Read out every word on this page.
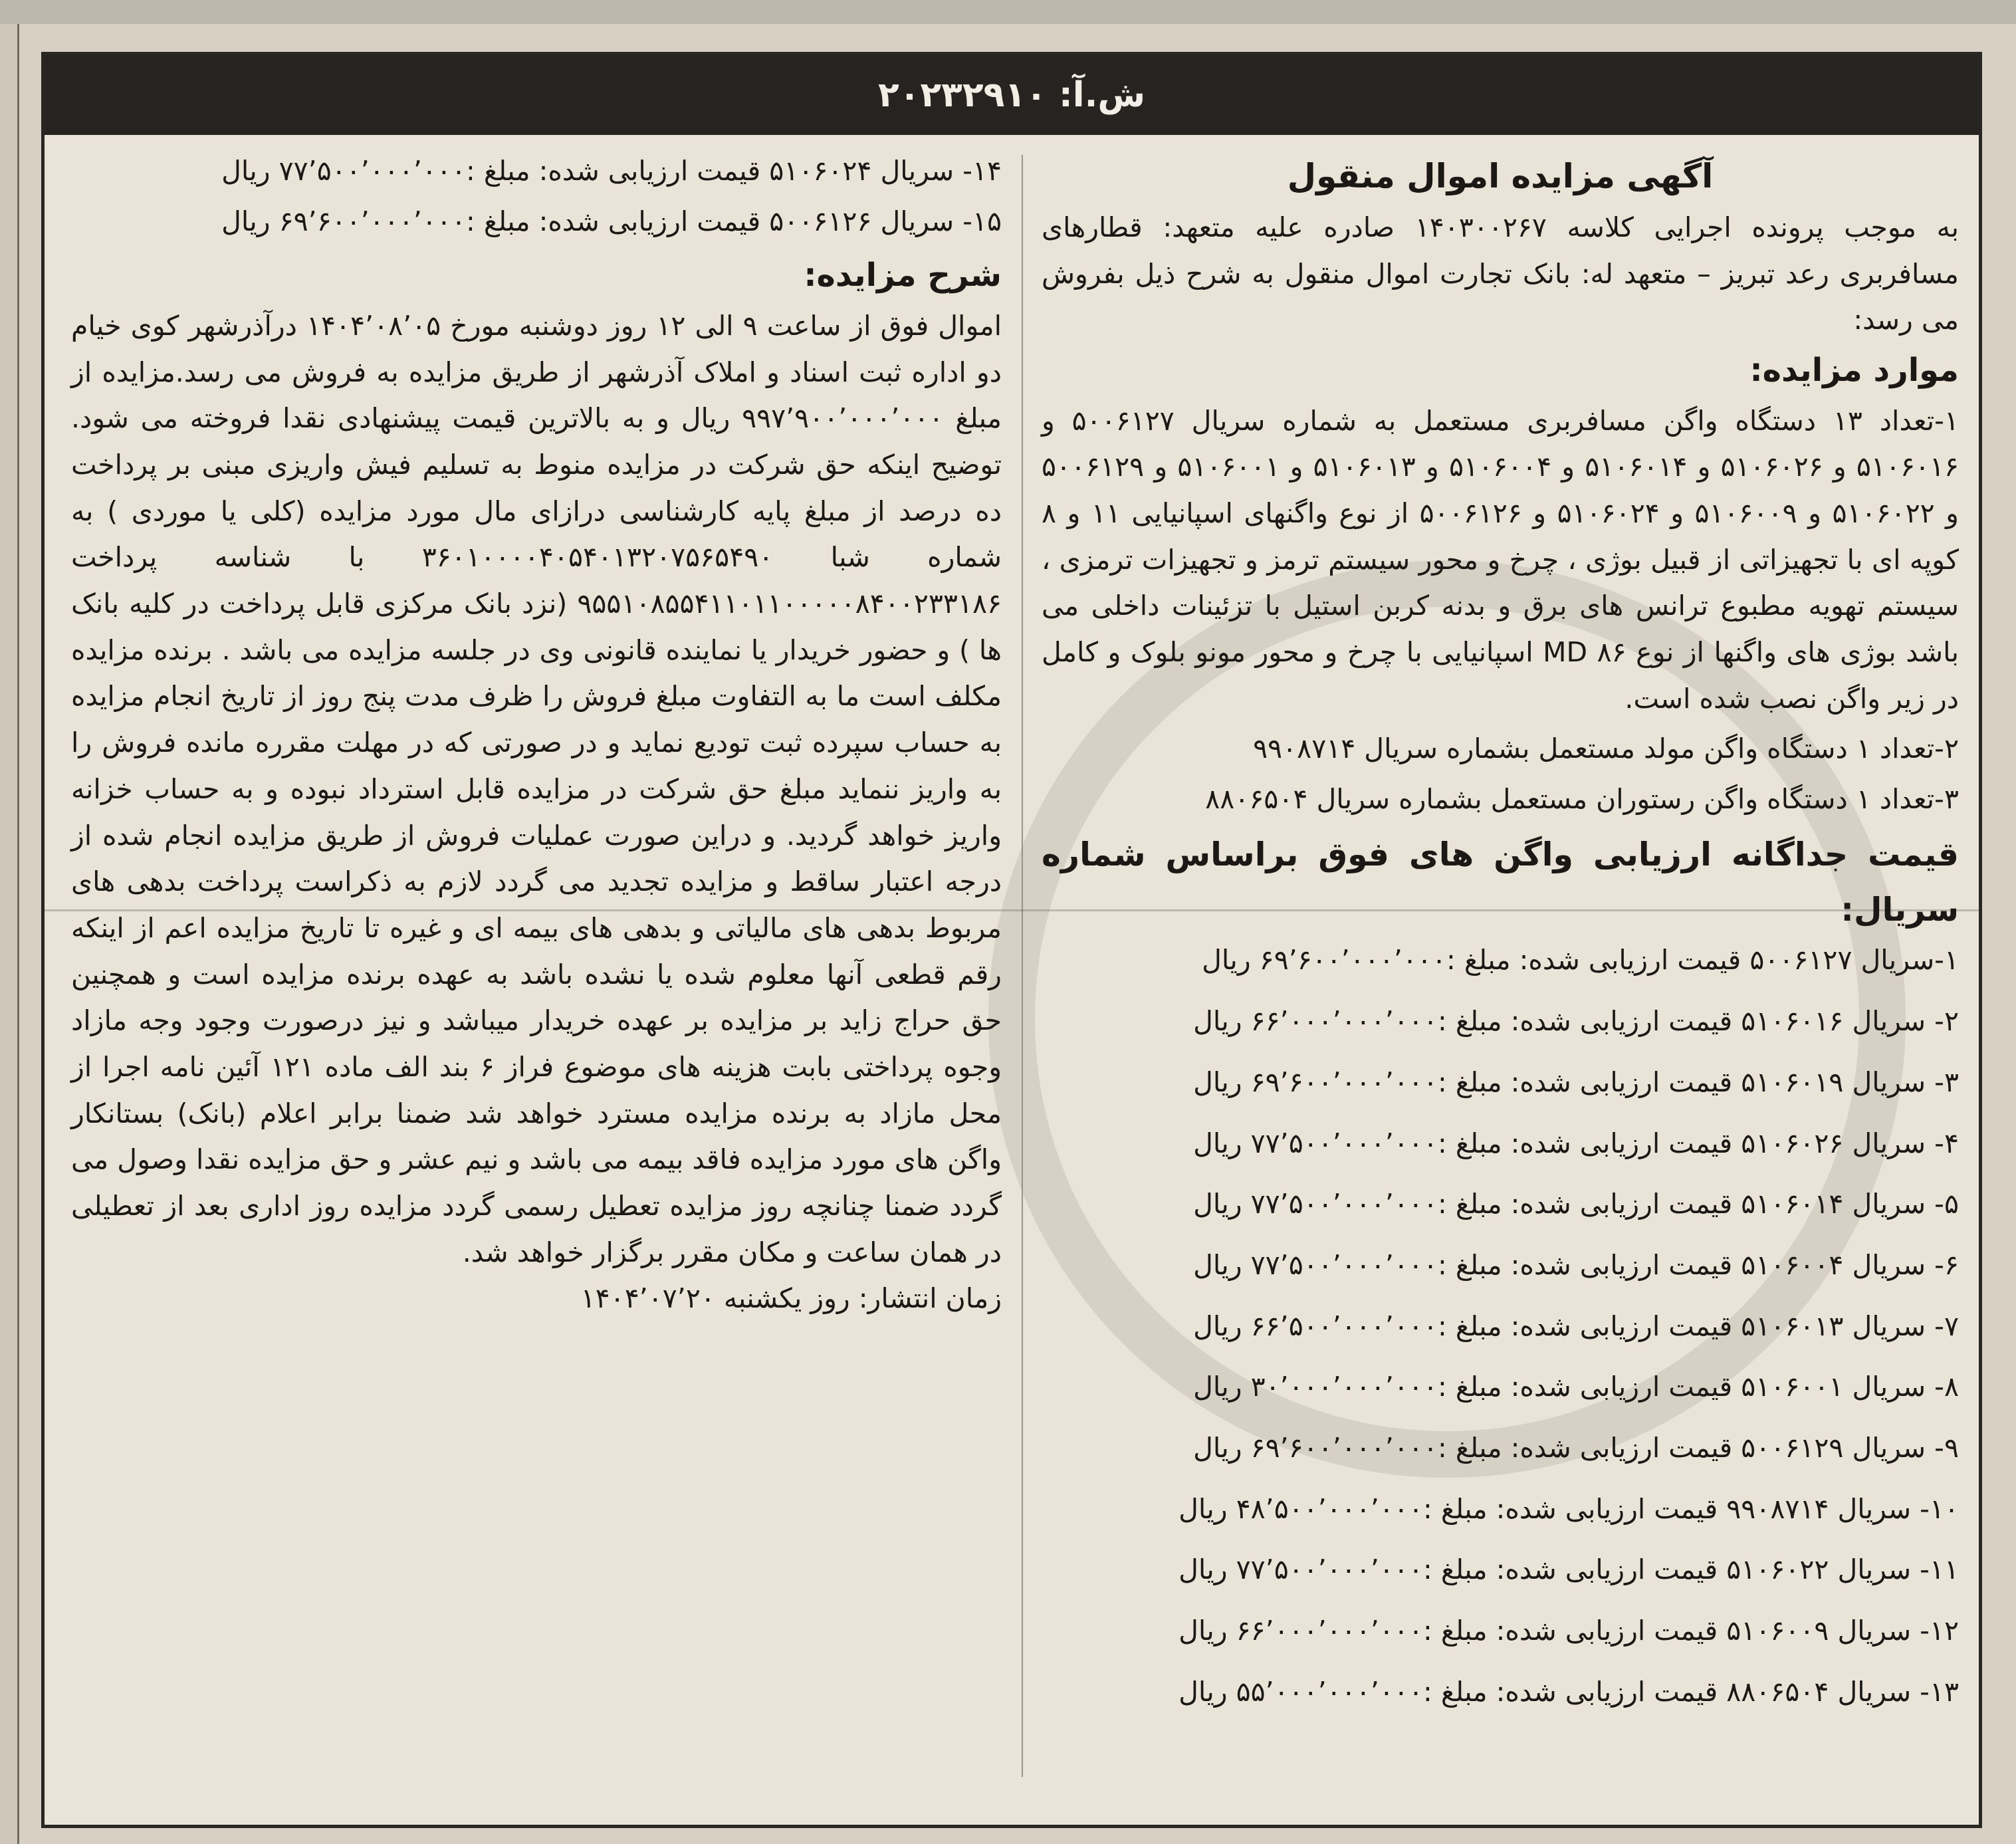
ش.آ: ۲۰۲۳۲۹۱۰

آگهی مزایده اموال منقول

به موجب پرونده اجرایی کلاسه ۱۴۰۳۰۰۲۶۷ صادره علیه متعهد: قطارهای مسافربری رعد تبریز – متعهد له: بانک تجارت اموال منقول به شرح ذیل بفروش می رسد:

موارد مزایده:

۱-تعداد ۱۳ دستگاه واگن مسافربری مستعمل به شماره سریال ۵۰۰۶۱۲۷ و ۵۱۰۶۰۱۶ و ۵۱۰۶۰۲۶ و ۵۱۰۶۰۱۴ و ۵۱۰۶۰۰۴ و ۵۱۰۶۰۱۳ و ۵۱۰۶۰۰۱ و ۵۰۰۶۱۲۹ و ۵۱۰۶۰۲۲ و ۵۱۰۶۰۰۹ و ۵۱۰۶۰۲۴ و ۵۰۰۶۱۲۶ از نوع واگنهای اسپانیایی ۱۱ و ۸ کوپه ای با تجهیزاتی از قبیل بوژی ، چرخ و محور سیستم ترمز و تجهیزات ترمزی ، سیستم تهویه مطبوع ترانس های برق و بدنه کربن استیل با تزئینات داخلی می باشد بوژی های واگنها از نوع MD ۸۶ اسپانیایی با چرخ و محور مونو بلوک و کامل در زیر واگن نصب شده است.
۲-تعداد ۱ دستگاه واگن مولد مستعمل بشماره سریال ۹۹۰۸۷۱۴
۳-تعداد ۱ دستگاه واگن رستوران مستعمل بشماره سریال ۸۸۰۶۵۰۴

قیمت جداگانه ارزیابی واگن های فوق براساس شماره سریال:

۱-سریال ۵۰۰۶۱۲۷ قیمت ارزیابی شده: مبلغ :۶۹٬۶۰۰٬۰۰۰٬۰۰۰ ریال
۲- سریال ۵۱۰۶۰۱۶ قیمت ارزیابی شده: مبلغ :۶۶٬۰۰۰٬۰۰۰٬۰۰۰ ریال
۳- سریال ۵۱۰۶۰۱۹ قیمت ارزیابی شده: مبلغ :۶۹٬۶۰۰٬۰۰۰٬۰۰۰ ریال
۴- سریال ۵۱۰۶۰۲۶ قیمت ارزیابی شده: مبلغ :۷۷٬۵۰۰٬۰۰۰٬۰۰۰ ریال
۵- سریال ۵۱۰۶۰۱۴ قیمت ارزیابی شده: مبلغ :۷۷٬۵۰۰٬۰۰۰٬۰۰۰ ریال
۶- سریال ۵۱۰۶۰۰۴ قیمت ارزیابی شده: مبلغ :۷۷٬۵۰۰٬۰۰۰٬۰۰۰ ریال
۷- سریال ۵۱۰۶۰۱۳ قیمت ارزیابی شده: مبلغ :۶۶٬۵۰۰٬۰۰۰٬۰۰۰ ریال
۸- سریال ۵۱۰۶۰۰۱ قیمت ارزیابی شده: مبلغ :۳۰٬۰۰۰٬۰۰۰٬۰۰۰ ریال
۹- سریال ۵۰۰۶۱۲۹ قیمت ارزیابی شده: مبلغ :۶۹٬۶۰۰٬۰۰۰٬۰۰۰ ریال
۱۰- سریال ۹۹۰۸۷۱۴ قیمت ارزیابی شده: مبلغ :۴۸٬۵۰۰٬۰۰۰٬۰۰۰ ریال
۱۱- سریال ۵۱۰۶۰۲۲ قیمت ارزیابی شده: مبلغ :۷۷٬۵۰۰٬۰۰۰٬۰۰۰ ریال
۱۲- سریال ۵۱۰۶۰۰۹ قیمت ارزیابی شده: مبلغ :۶۶٬۰۰۰٬۰۰۰٬۰۰۰ ریال
۱۳- سریال ۸۸۰۶۵۰۴ قیمت ارزیابی شده: مبلغ :۵۵٬۰۰۰٬۰۰۰٬۰۰۰ ریال
۱۴- سریال ۵۱۰۶۰۲۴ قیمت ارزیابی شده: مبلغ :۷۷٬۵۰۰٬۰۰۰٬۰۰۰ ریال
۱۵- سریال ۵۰۰۶۱۲۶ قیمت ارزیابی شده: مبلغ :۶۹٬۶۰۰٬۰۰۰٬۰۰۰ ریال

شرح مزایده:

اموال فوق از ساعت ۹ الی ۱۲ روز دوشنبه مورخ ۱۴۰۴٬۰۸٬۰۵ درآذرشهر کوی خیام دو اداره ثبت اسناد و املاک آذرشهر از طریق مزایده به فروش می رسد.مزایده از مبلغ ۹۹۷٬۹۰۰٬۰۰۰٬۰۰۰ ریال و به بالاترین قیمت پیشنهادی نقدا فروخته می شود. توضیح اینکه حق شرکت در مزایده منوط به تسلیم فیش واریزی مبنی بر پرداخت ده درصد از مبلغ پایه کارشناسی درازای مال مورد مزایده (کلی یا موردی ) به شماره شبا ۳۶۰۱۰۰۰۰۴۰۵۴۰۱۳۲۰۷۵۶۵۴۹۰ با شناسه پرداخت ۹۵۵۱۰۸۵۵۴۱۱۰۱۱۰۰۰۰۰۸۴۰۰۲۳۳۱۸۶ (نزد بانک مرکزی قابل پرداخت در کلیه بانک ها ) و حضور خریدار یا نماینده قانونی وی در جلسه مزایده می باشد . برنده مزایده مکلف است ما به التفاوت مبلغ فروش را ظرف مدت پنج روز از تاریخ انجام مزایده به حساب سپرده ثبت تودیع نماید و در صورتی که در مهلت مقرره مانده فروش را به واریز ننماید مبلغ حق شرکت در مزایده قابل استرداد نبوده و به حساب خزانه واریز خواهد گردید. و دراین صورت عملیات فروش از طریق مزایده انجام شده از درجه اعتبار ساقط و مزایده تجدید می گردد لازم به ذکراست پرداخت بدهی های مربوط بدهی های مالیاتی و بدهی های بیمه ای و غیره تا تاریخ مزایده اعم از اینکه رقم قطعی آنها معلوم شده یا نشده باشد به عهده برنده مزایده است و همچنین حق حراج زاید بر مزایده بر عهده خریدار میباشد و نیز درصورت وجود وجه مازاد وجوه پرداختی بابت هزینه های موضوع فراز ۶ بند الف ماده ۱۲۱ آئین نامه اجرا از محل مازاد به برنده مزایده مسترد خواهد شد ضمنا برابر اعلام (بانک) بستانکار واگن های مورد مزایده فاقد بیمه می باشد و نیم عشر و حق مزایده نقدا وصول می گردد ضمنا چنانچه روز مزایده تعطیل رسمی گردد مزایده روز اداری بعد از تعطیلی در همان ساعت و مکان مقرر برگزار خواهد شد.

زمان انتشار: روز یکشنبه ۱۴۰۴٬۰۷٬۲۰
